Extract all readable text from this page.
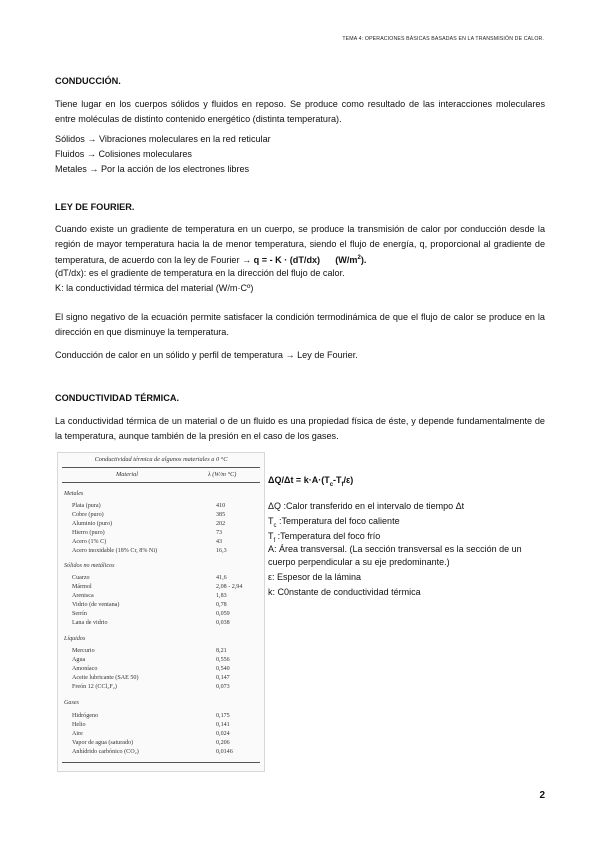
TEMA 4: OPERACIONES BÁSICAS BASADAS EN LA TRANSMISIÓN DE CALOR.
CONDUCCIÓN.
Tiene lugar en los cuerpos sólidos y fluidos en reposo. Se produce como resultado de las interacciones moleculares entre moléculas de distinto contenido energético (distinta temperatura).
Sólidos → Vibraciones moleculares en la red reticular
Fluidos → Colisiones moleculares
Metales → Por la acción de los electrones libres
LEY DE FOURIER.
Cuando existe un gradiente de temperatura en un cuerpo, se produce la transmisión de calor por conducción desde la región de mayor temperatura hacia la de menor temperatura, siendo el flujo de energía, q, proporcional al gradiente de temperatura, de acuerdo con la ley de Fourier → q = - K · (dT/dx) $(W/m^2)$.
(dT/dx): es el gradiente de temperatura en la dirección del flujo de calor.
K: la conductividad térmica del material (W/m·Cº)
El signo negativo de la ecuación permite satisfacer la condición termodinámica de que el flujo de calor se produce en la dirección en que disminuye la temperatura.
Conducción de calor en un sólido y perfil de temperatura → Ley de Fourier.
CONDUCTIVIDAD TÉRMICA.
La conductividad térmica de un material o de un fluido es una propiedad física de éste, y depende fundamentalmente de la temperatura, aunque también de la presión en el caso de los gases.
Conductividad térmica de algunos materiales a 0 °C
Material	λ (W/m °C)
Metales
Plata (pura)	410
Cobre (puro)	385
Aluminio (puro)	202
Hierro (puro)	73
Acero (1% C)	43
Acero inoxidable (18% Cr, 8% Ni)	16,3
Sólidos no metálicos
Cuarzo	41,6
Mármol	2,08 - 2,94
Arenisca	1,83
Vidrio (de ventana)	0,78
Serrín	0,059
Lana de vidrio	0,038
Líquidos
Mercurio	8,21
Agua	0,556
Amoníaco	0,540
Aceite lubricante (SAE 50)	0,147
Freón 12 (CCl₂F₂)	0,073
Gases
Hidrógeno	0,175
Helio	0,141
Aire	0,024
Vapor de agua (saturado)	0,206
Anhídrido carbónico (CO₂)	0,0146
$\Delta Q/\Delta t = k\cdot A\cdot(T_c-T_f/\varepsilon)$
ΔQ :Calor transferido en el intervalo de tiempo Δt
$T_c$ :Temperatura del foco caliente
$T_f$ :Temperatura del foco frío
A: Área transversal. (La sección transversal es la sección de un cuerpo perpendicular a su eje predominante.)
ε: Espesor de la lámina
k: C0nstante de conductividad térmica
2
